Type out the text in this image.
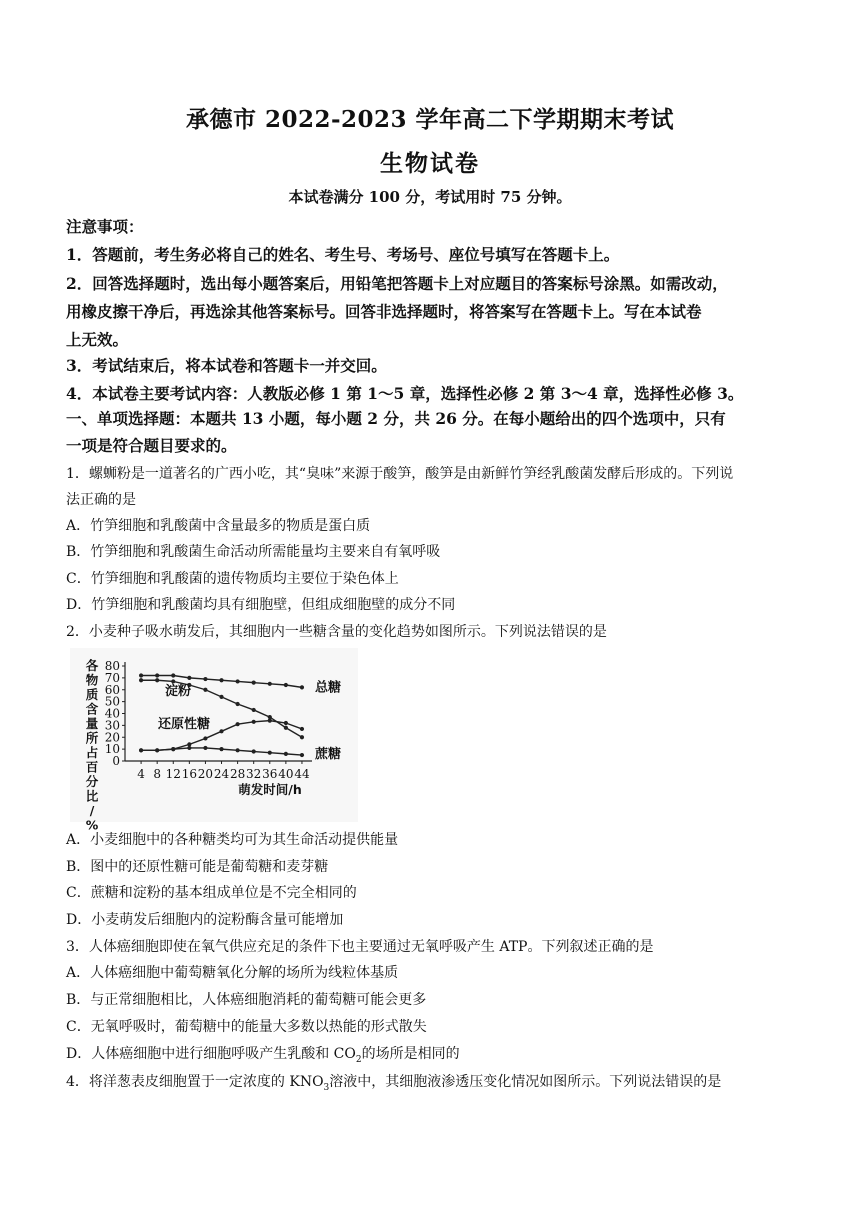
承德市 2022-2023 学年高二下学期期末考试
生物试卷
本试卷满分 100 分，考试用时 75 分钟。
注意事项：
1．答题前，考生务必将自己的姓名、考生号、考场号、座位号填写在答题卡上。
2．回答选择题时，选出每小题答案后，用铅笔把答题卡上对应题目的答案标号涂黑。如需改动，
用橡皮擦干净后，再选涂其他答案标号。回答非选择题时，将答案写在答题卡上。写在本试卷
上无效。
3．考试结束后，将本试卷和答题卡一并交回。
4．本试卷主要考试内容：人教版必修 1 第 1～5 章，选择性必修 2 第 3～4 章，选择性必修 3。
一、单项选择题：本题共 13 小题，每小题 2 分，共 26 分。在每小题给出的四个选项中，只有
一项是符合题目要求的。
1．螺蛳粉是一道著名的广西小吃，其“臭味”来源于酸笋，酸笋是由新鲜竹笋经乳酸菌发酵后形成的。下列说
法正确的是
A．竹笋细胞和乳酸菌中含量最多的物质是蛋白质
B．竹笋细胞和乳酸菌生命活动所需能量均主要来自有氧呼吸
C．竹笋细胞和乳酸菌的遗传物质均主要位于染色体上
D．竹笋细胞和乳酸菌均具有细胞壁，但组成细胞壁的成分不同
2．小麦种子吸水萌发后，其细胞内一些糖含量的变化趋势如图所示。下列说法错误的是
80
70
60
50
40
30
20
10
0
4 8 12 16 20 24 28 32 36 40 44
各
物
质
含
量
所
占
百
分
比
/
%
萌发时间/h
总糖
淀粉
还原性糖
蔗糖
A．小麦细胞中的各种糖类均可为其生命活动提供能量
B．图中的还原性糖可能是葡萄糖和麦芽糖
C．蔗糖和淀粉的基本组成单位是不完全相同的
D．小麦萌发后细胞内的淀粉酶含量可能增加
3．人体癌细胞即使在氧气供应充足的条件下也主要通过无氧呼吸产生 ATP。下列叙述正确的是
A．人体癌细胞中葡萄糖氧化分解的场所为线粒体基质
B．与正常细胞相比，人体癌细胞消耗的葡萄糖可能会更多
C．无氧呼吸时，葡萄糖中的能量大多数以热能的形式散失
D．人体癌细胞中进行细胞呼吸产生乳酸和 $CO_2$的场所是相同的
4．将洋葱表皮细胞置于一定浓度的 $KNO_3$溶液中，其细胞液渗透压变化情况如图所示。下列说法错误的是
